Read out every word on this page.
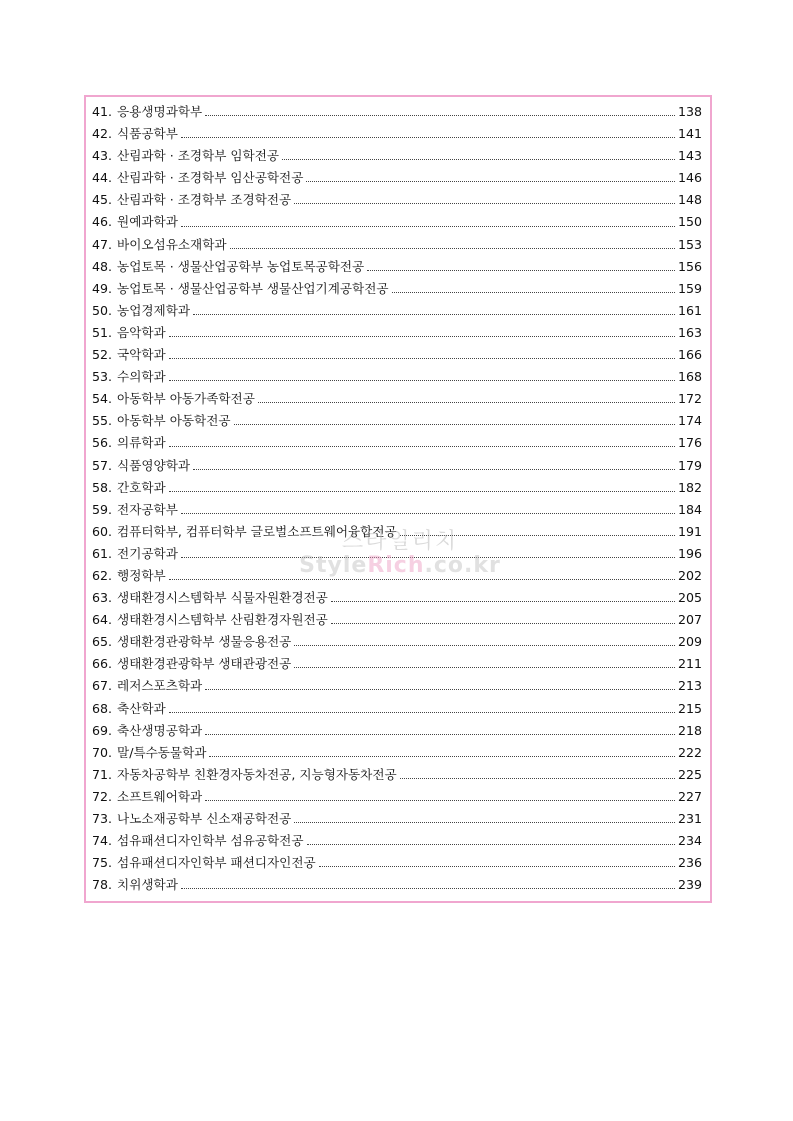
41. 응용생명과학부	138
42. 식품공학부	141
43. 산림과학 · 조경학부 임학전공	143
44. 산림과학 · 조경학부 임산공학전공	146
45. 산림과학 · 조경학부 조경학전공	148
46. 원예과학과	150
47. 바이오섬유소재학과	153
48. 농업토목 · 생물산업공학부 농업토목공학전공	156
49. 농업토목 · 생물산업공학부 생물산업기계공학전공	159
50. 농업경제학과	161
51. 음악학과	163
52. 국악학과	166
53. 수의학과	168
54. 아동학부 아동가족학전공	172
55. 아동학부 아동학전공	174
56. 의류학과	176
57. 식품영양학과	179
58. 간호학과	182
59. 전자공학부	184
60. 컴퓨터학부, 컴퓨터학부 글로벌소프트웨어융합전공	191
61. 전기공학과	196
62. 행정학부	202
63. 생태환경시스템학부 식물자원환경전공	205
64. 생태환경시스템학부 산림환경자원전공	207
65. 생태환경관광학부 생물응용전공	209
66. 생태환경관광학부 생태관광전공	211
67. 레저스포츠학과	213
68. 축산학과	215
69. 축산생명공학과	218
70. 말/특수동물학과	222
71. 자동차공학부 친환경자동차전공, 지능형자동차전공	225
72. 소프트웨어학과	227
73. 나노소재공학부 신소재공학전공	231
74. 섬유패션디자인학부 섬유공학전공	234
75. 섬유패션디자인학부 패션디자인전공	236
78. 치위생학과	239
스타일리치
StyleRich.co.kr
